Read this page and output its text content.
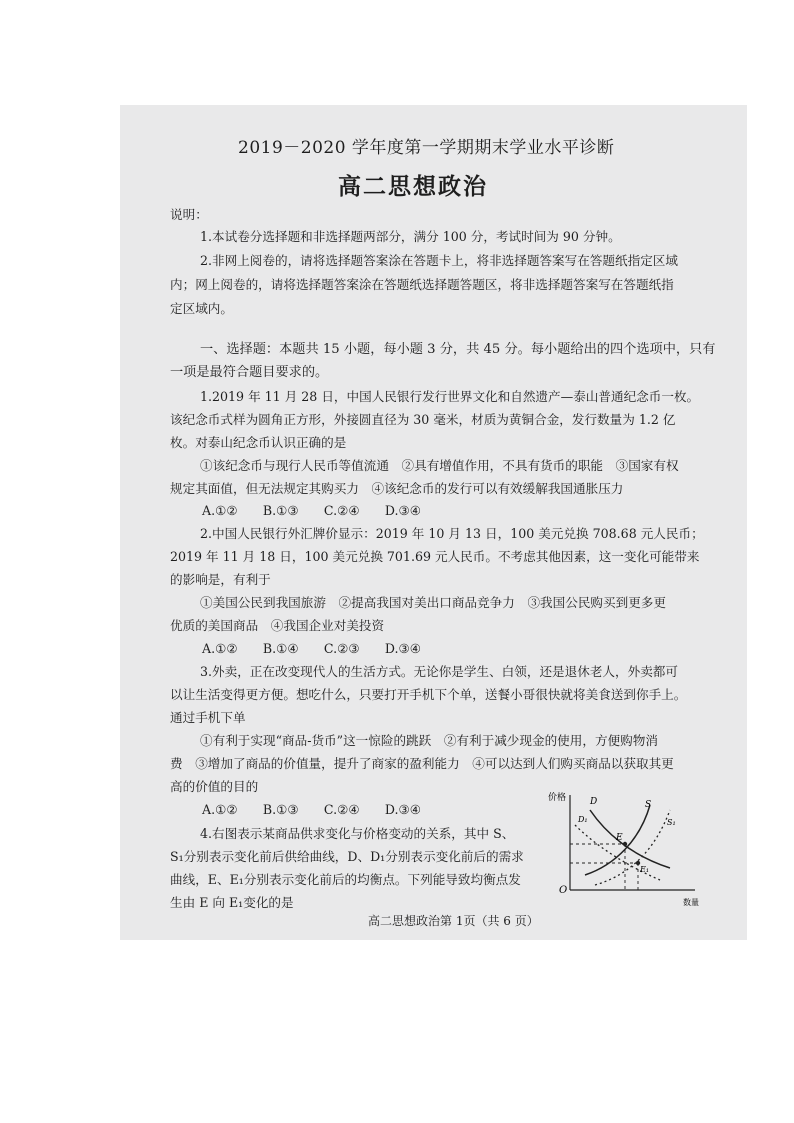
2019－2020 学年度第一学期期末学业水平诊断
高二思想政治
说明：
1.本试卷分选择题和非选择题两部分，满分 100 分，考试时间为 90 分钟。
2.非网上阅卷的，请将选择题答案涂在答题卡上，将非选择题答案写在答题纸指定区域
内；网上阅卷的，请将选择题答案涂在答题纸选择题答题区，将非选择题答案写在答题纸指
定区域内。
一、选择题：本题共 15 小题，每小题 3 分，共 45 分。每小题给出的四个选项中，只有
一项是最符合题目要求的。
1.2019 年 11 月 28 日，中国人民银行发行世界文化和自然遗产—泰山普通纪念币一枚。
该纪念币式样为圆角正方形，外接圆直径为 30 毫米，材质为黄铜合金，发行数量为 1.2 亿
枚。对泰山纪念币认识正确的是
①该纪念币与现行人民币等值流通　②具有增值作用，不具有货币的职能　③国家有权
规定其面值，但无法规定其购买力　④该纪念币的发行可以有效缓解我国通胀压力
A.①②　　B.①③　　C.②④　　D.③④
2.中国人民银行外汇牌价显示：2019 年 10 月 13 日，100 美元兑换 708.68 元人民币；
2019 年 11 月 18 日，100 美元兑换 701.69 元人民币。不考虑其他因素，这一变化可能带来
的影响是，有利于
①美国公民到我国旅游　②提高我国对美出口商品竞争力　③我国公民购买到更多更
优质的美国商品　④我国企业对美投资
A.①②　　B.①④　　C.②③　　D.③④
3.外卖，正在改变现代人的生活方式。无论你是学生、白领，还是退休老人，外卖都可
以让生活变得更方便。想吃什么，只要打开手机下个单，送餐小哥很快就将美食送到你手上。
通过手机下单
①有利于实现“商品-货币”这一惊险的跳跃　②有利于减少现金的使用，方便购物消
费　③增加了商品的价值量，提升了商家的盈利能力　④可以达到人们购买商品以获取其更
高的价值的目的
A.①②　　B.①③　　C.②④　　D.③④
4.右图表示某商品供求变化与价格变动的关系，其中 S、
S₁分别表示变化前后供给曲线，D、D₁分别表示变化前后的需求
曲线，E、E₁分别表示变化前后的均衡点。下列能导致均衡点发
生由 E 向 E₁变化的是
价格
数量
O
D
D₁
S
S₁
E
E₁
高二思想政治第 1页（共 6 页）
